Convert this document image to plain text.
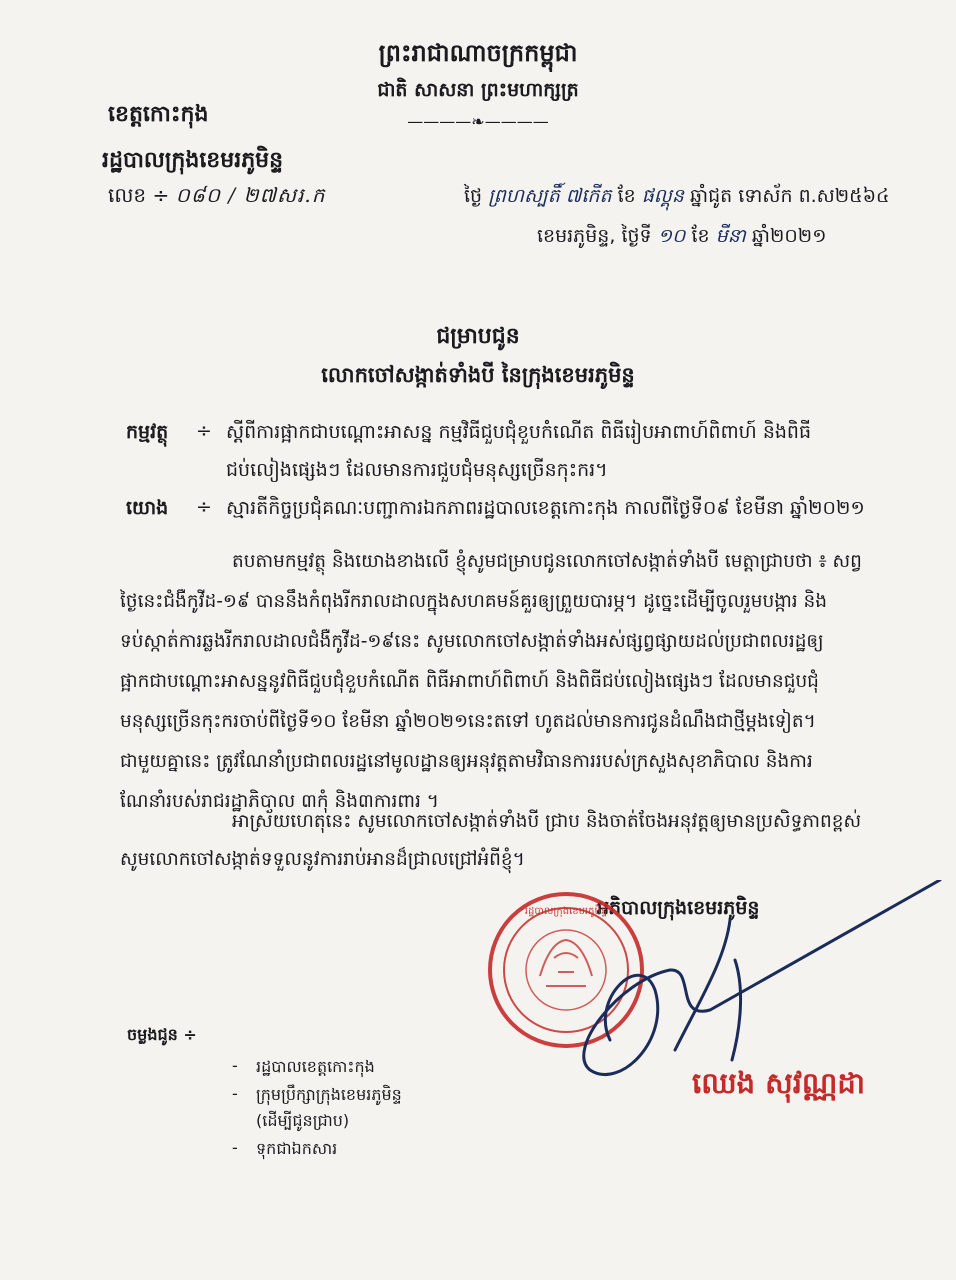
ព្រះរាជាណាចក្រកម្ពុជា
ជាតិ សាសនា ព្រះមហាក្សត្រ
————❧————
ខេត្តកោះកុង
រដ្ឋបាលក្រុងខេមរភូមិន្ទ
លេខ ÷ ០៨០ / ២៧សរ.ក	ថ្ងៃ ព្រហស្បតិ៍ ៧កើត ខែ ផល្គុន ឆ្នាំជូត ទោស័ក ព.ស២៥៦៤
ខេមរភូមិន្ទ, ថ្ងៃទី ១០ ខែ មីនា ឆ្នាំ២០២១
ជម្រាបជូន
លោកចៅសង្កាត់ទាំងបី នៃក្រុងខេមរភូមិន្ទ
កម្មវត្ថុ ÷ ស្តីពីការផ្អាកជាបណ្តោះអាសន្ន កម្មវិធីជួបជុំខួបកំណើត ពិធីរៀបអាពាហ៍ពិពាហ៍ និងពិធី
ជប់លៀងផ្សេងៗ ដែលមានការជួបជុំមនុស្សច្រើនកុះករ។
យោង ÷ ស្មារតីកិច្ចប្រជុំគណៈបញ្ជាការឯកភាពរដ្ឋបាលខេត្តកោះកុង កាលពីថ្ងៃទី០៩ ខែមីនា ឆ្នាំ២០២១
តបតាមកម្មវត្ថុ និងយោងខាងលើ ខ្ញុំសូមជម្រាបជូនលោកចៅសង្កាត់ទាំងបី មេត្តាជ្រាបថា ៖ សព្វ
ថ្ងៃនេះជំងឺកូវីដ-១៩ បាននឹងកំពុងរីករាលដាលក្នុងសហគមន៍គួរឲ្យព្រួយបារម្ភ។ ដូច្នេះដើម្បីចូលរួមបង្ការ និង
ទប់ស្កាត់ការឆ្លងរីករាលដាលជំងឺកូវីដ-១៩នេះ សូមលោកចៅសង្កាត់ទាំងអស់ផ្សព្វផ្សាយដល់ប្រជាពលរដ្ឋឲ្យ
ផ្អាកជាបណ្តោះអាសន្ននូវពិធីជួបជុំខួបកំណើត ពិធីអាពាហ៍ពិពាហ៍ និងពិធីជប់លៀងផ្សេងៗ ដែលមានជួបជុំ
មនុស្សច្រើនកុះករចាប់ពីថ្ងៃទី១០ ខែមីនា ឆ្នាំ២០២១នេះតទៅ ហូតដល់មានការជូនដំណឹងជាថ្មីម្តងទៀត។
ជាមួយគ្នានេះ ត្រូវណែនាំប្រជាពលរដ្ឋនៅមូលដ្ឋានឲ្យអនុវត្តតាមវិធានការរបស់ក្រសួងសុខាភិបាល និងការ
ណែនាំរបស់រាជរដ្ឋាភិបាល ៣កុំ និង៣ការពារ ។
អាស្រ័យហេតុនេះ សូមលោកចៅសង្កាត់ទាំងបី ជ្រាប និងចាត់ចែងអនុវត្តឲ្យមានប្រសិទ្ធភាពខ្ពស់
សូមលោកចៅសង្កាត់ទទួលនូវការរាប់អានដ៏ជ្រាលជ្រៅអំពីខ្ញុំ។
អភិបាលក្រុងខេមរភូមិន្ទ
រដ្ឋបាលក្រុងខេមរភូមិន្ទ
ឈេង សុវណ្ណដា
ចម្លងជូន ÷
- រដ្ឋបាលខេត្តកោះកុង
- ក្រុមប្រឹក្សាក្រុងខេមរភូមិន្ទ
(ដើម្បីជូនជ្រាប)
- ទុកជាឯកសារ
